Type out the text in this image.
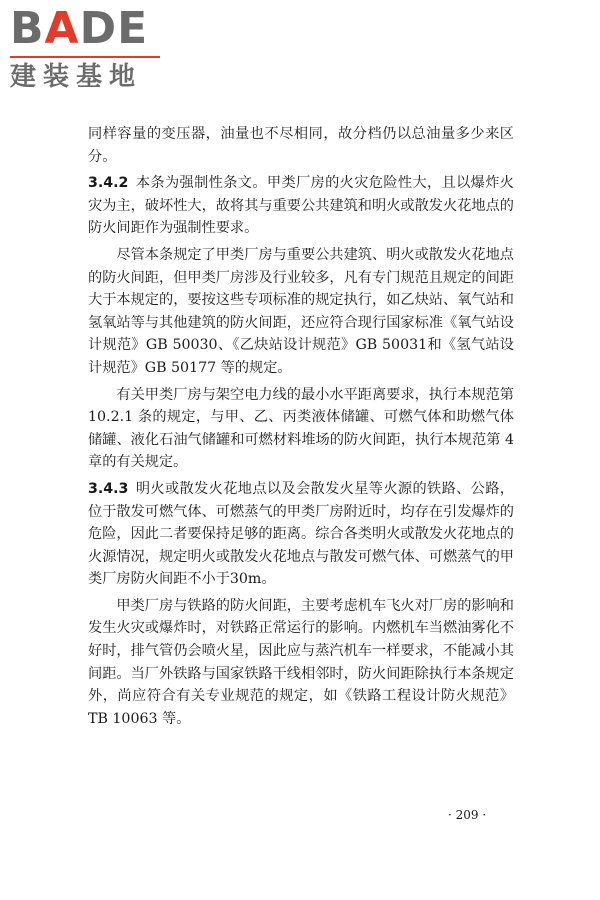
BADE
建装基地

同样容量的变压器，油量也不尽相同，故分档仍以总油量多少来区分。

3.4.2 本条为强制性条文。甲类厂房的火灾危险性大，且以爆炸火灾为主，破坏性大，故将其与重要公共建筑和明火或散发火花地点的防火间距作为强制性要求。

尽管本条规定了甲类厂房与重要公共建筑、明火或散发火花地点的防火间距，但甲类厂房涉及行业较多，凡有专门规范且规定的间距大于本规定的，要按这些专项标准的规定执行，如乙炔站、氧气站和氢氧站等与其他建筑的防火间距，还应符合现行国家标准《氧气站设计规范》GB 50030、《乙炔站设计规范》GB 50031和《氢气站设计规范》GB 50177 等的规定。

有关甲类厂房与架空电力线的最小水平距离要求，执行本规范第 10.2.1 条的规定，与甲、乙、丙类液体储罐、可燃气体和助燃气体储罐、液化石油气储罐和可燃材料堆场的防火间距，执行本规范第 4 章的有关规定。

3.4.3 明火或散发火花地点以及会散发火星等火源的铁路、公路，位于散发可燃气体、可燃蒸气的甲类厂房附近时，均存在引发爆炸的危险，因此二者要保持足够的距离。综合各类明火或散发火花地点的火源情况，规定明火或散发火花地点与散发可燃气体、可燃蒸气的甲类厂房防火间距不小于30m。

甲类厂房与铁路的防火间距，主要考虑机车飞火对厂房的影响和发生火灾或爆炸时，对铁路正常运行的影响。内燃机车当燃油雾化不好时，排气管仍会喷火星，因此应与蒸汽机车一样要求，不能减小其间距。当厂外铁路与国家铁路干线相邻时，防火间距除执行本条规定外，尚应符合有关专业规范的规定，如《铁路工程设计防火规范》TB 10063 等。

· 209 ·
